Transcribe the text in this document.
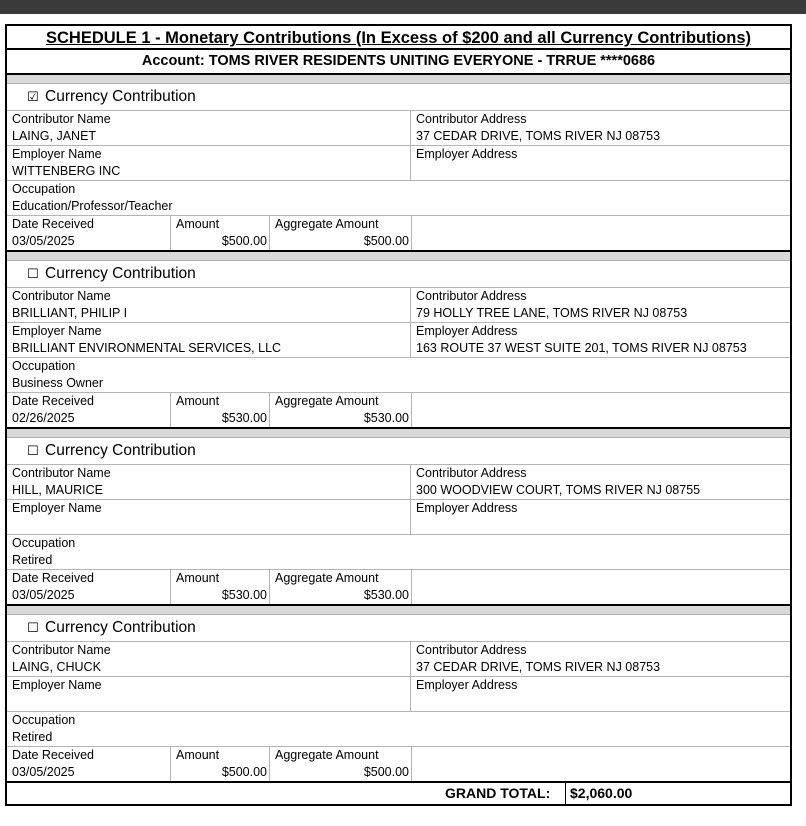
SCHEDULE 1 - Monetary Contributions (In Excess of $200 and all Currency Contributions)
Account: TOMS RIVER RESIDENTS UNITING EVERYONE - TRRUE ****0686
☑ Currency Contribution
Contributor Name
LAING, JANET
Contributor Address
37 CEDAR DRIVE, TOMS RIVER NJ 08753
Employer Name
WITTENBERG INC
Employer Address
Occupation
Education/Professor/Teacher
Date Received
03/05/2025
Amount
$500.00
Aggregate Amount
$500.00
☐ Currency Contribution
Contributor Name
BRILLIANT, PHILIP I
Contributor Address
79 HOLLY TREE LANE, TOMS RIVER NJ 08753
Employer Name
BRILLIANT ENVIRONMENTAL SERVICES, LLC
Employer Address
163 ROUTE 37 WEST SUITE 201, TOMS RIVER NJ 08753
Occupation
Business Owner
Date Received
02/26/2025
Amount
$530.00
Aggregate Amount
$530.00
☐ Currency Contribution
Contributor Name
HILL, MAURICE
Contributor Address
300 WOODVIEW COURT, TOMS RIVER NJ 08755
Employer Name	Employer Address
Occupation
Retired
Date Received
03/05/2025
Amount
$530.00
Aggregate Amount
$530.00
☐ Currency Contribution
Contributor Name
LAING, CHUCK
Contributor Address
37 CEDAR DRIVE, TOMS RIVER NJ 08753
Employer Name	Employer Address
Occupation
Retired
Date Received
03/05/2025
Amount
$500.00
Aggregate Amount
$500.00
GRAND TOTAL:	$2,060.00
